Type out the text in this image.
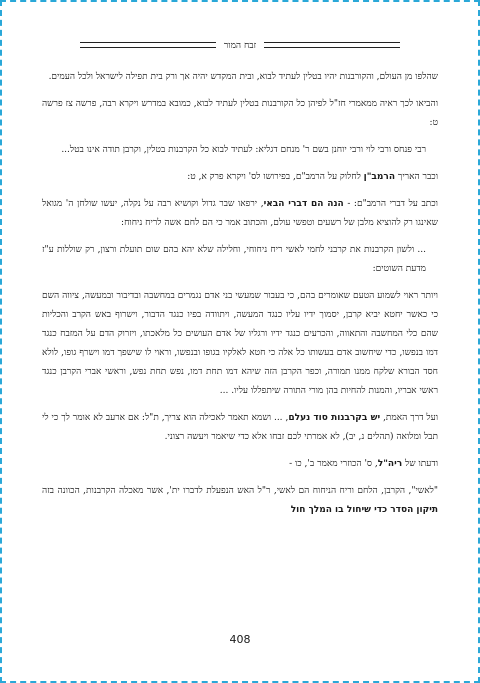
זבח המור

שהלפו מן העולם, והקורבנות יהיו בטלין לעתיד לבוא, ובית המקדש יהיה אך ורק בית תפילה לישראל ולכל העמים.

והביאו לכך ראיה ממאמרי חז"ל לפיהן כל הקורבנות בטלין לעתיד לבוא, כמובא במדרש ויקרא רבה, פרשה צז פרשה ט:

רבי פנחס ורבי לוי ורבי יוחנן בשם ר' מנחם דגליא: לעתיד לבוא כל הקרבנות בטלין, וקרבן תודה אינו בטל...

וכבר האריך הרמב"ן לחלוק על הרמב"ם, בפירושו לס' ויקרא פרק א, ט:

וכתב על דברי הרמב"ם: - הנה הם דברי הבאי, ירפאו שבר גדול וקושיא רבה על נקלה, יעשו שולחן ה' מגואל שאינגו רק להוציא מלבן של רשעים וטפשי עולם, והכתוב אמר כי הם לחם אשה לריח ניחוח:

... ולשון הקרבנות את קרבני לחמי לאשי ריח ניחוחי, וחלילה שלא יהא בהם שום תועלת ורצון, רק שוללות ע"ז מדעת השוטים:

ויותר ראוי לשמוע הטעם שאומרים בהם, כי בעבור שמעשי בני אדם נגמרים במחשבה ובדיבור ובמעשה, ציווה השם כי כאשר יחטא יביא קרבן, יסמוך ידיו עליו כנגד המעשה, ויתוודה בפיו כנגד הדבור, וישרוף באש הקרב והכליות שהם כלי המחשבה והתאווה, והכרעים כנגד ידיו ורגליו של אדם העושים כל מלאכתו, ויזרוק הדם על המזבח כנגד דמו בנפשו, כדי שיחשוב אדם בעשותו כל אלה כי חטא לאלקיו בגופו ובנפשו, וראוי לו שישפך דמו וישרף גופו, לולא חסד הבורא שלקח ממנו תמורה, וכפר הקרבן הזה שיהא דמו תחת דמו, נפש תחת נפש, וראשי אברי הקרבן כנגד ראשי אבריו, והמנות להחיות בהן מורי התורה שיתפללו עליו. ...

ועל דרך האמת, יש בקרבנות סוד נעלם, ... ושמא תאמר לאכילה הוא צריך, ת"ל: אם ארעב לא אומר לך כי לי תבל ומלואה (תהלים נ, יב), לא אמרתי לכם זבחו אלא כדי שיאמר ויעשה רצוני.

ודעתו של ריה"ל, ס' הכוזרי מאמר ב', כו -

"לאשי", הקרבן, הלחם וריח הניחוח הם לאשי, ר"ל האש הנפעלת לדברו ית', אשר מאכלה הקרבנות, הכוונה בזה תיקון הסדר כדי שיחול בו המלך חול

408
